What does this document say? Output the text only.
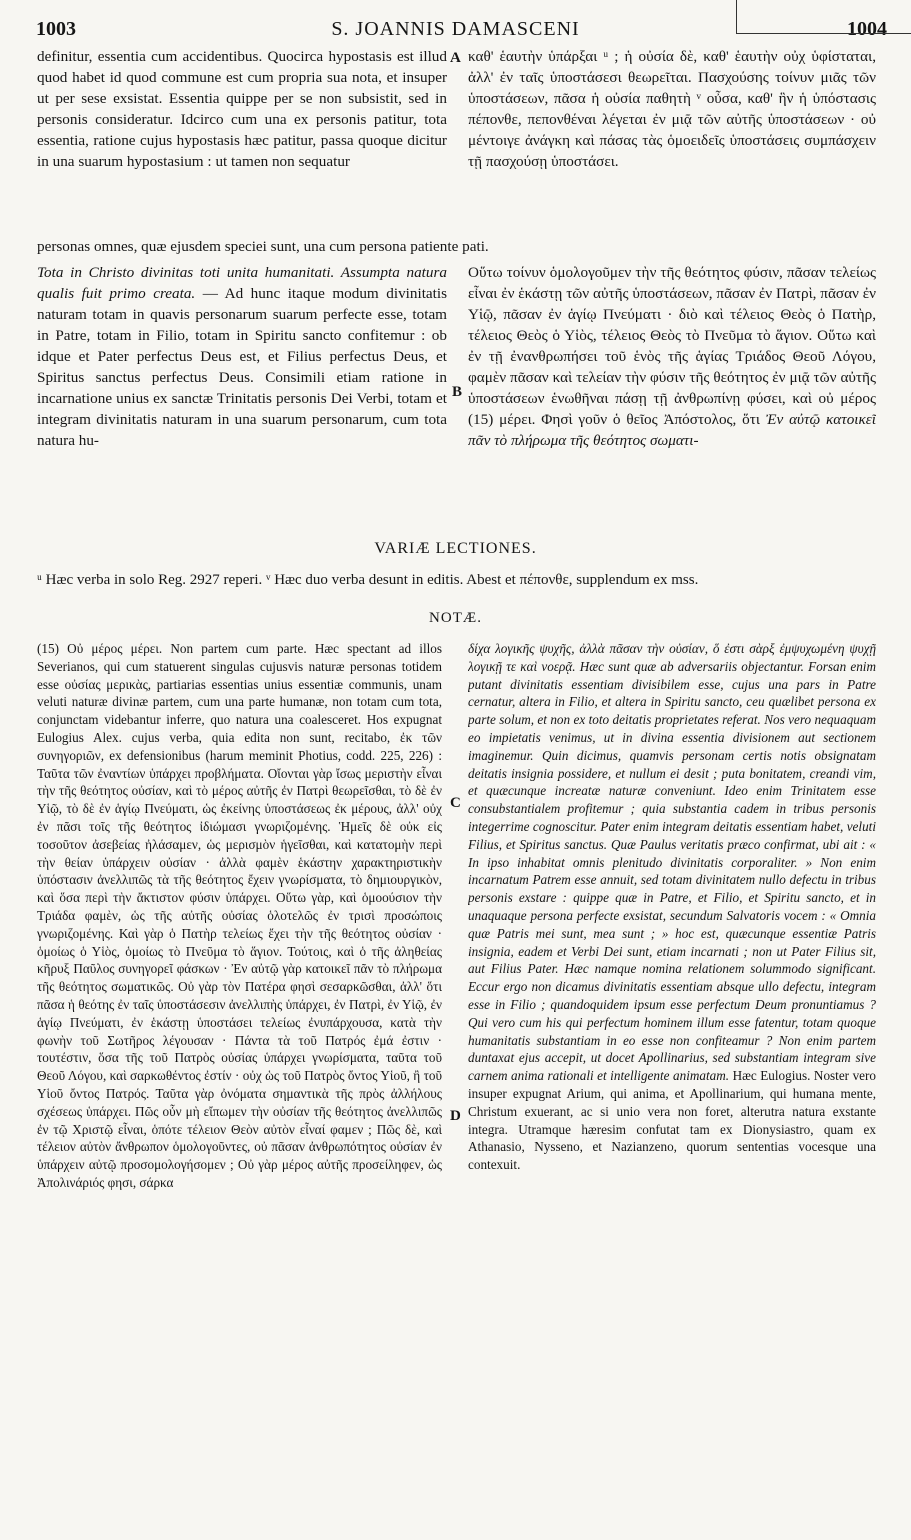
1003	S. JOANNIS DAMASCENI	1004

definitur, essentia cum accidentibus. Quocirca hypostasis est illud quod habet id quod commune est cum propria sua nota, et insuper ut per sese exsistat. Essentia quippe per se non subsistit, sed in personis consideratur. Idcirco cum una ex personis patitur, tota essentia, ratione cujus hypostasis hæc patitur, passa quoque dicitur in una suarum hypostasium : ut tamen non sequatur

A καθ' ἑαυτὴν ὑπάρξαι ᵘ ; ἡ οὐσία δὲ, καθ' ἑαυτὴν οὐχ ὑφίσταται, ἀλλ' ἐν ταῖς ὑποστάσεσι θεωρεῖται. Πασχούσης τοίνυν μιᾶς τῶν ὑποστάσεων, πᾶσα ἡ οὐσία παθητὴ ᵛ οὖσα, καθ' ἣν ἡ ὑπόστασις πέπονθε, πεπονθέναι λέγεται ἐν μιᾷ τῶν αὐτῆς ὑποστάσεων · οὐ μέντοιγε ἀνάγκη καὶ πάσας τὰς ὁμοειδεῖς ὑποστάσεις συμπάσχειν τῇ πασχούσῃ ὑποστάσει.

personas omnes, quæ ejusdem speciei sunt, una cum persona patiente pati.

Tota in Christo divinitas toti unita humanitati. Assumpta natura qualis fuit primo creata. — Ad hunc itaque modum divinitatis naturam totam in quavis personarum suarum perfecte esse, totam in Patre, totam in Filio, totam in Spiritu sancto confitemur : ob idque et Pater perfectus Deus est, et Filius perfectus Deus, et Spiritus sanctus perfectus Deus. Consimili etiam ratione in incarnatione unius ex sanctæ Trinitatis personis Dei Verbi, totam et integram divinitatis naturam in una suarum personarum, cum tota natura hu-

B

Οὕτω τοίνυν ὁμολογοῦμεν τὴν τῆς θεότητος φύσιν, πᾶσαν τελείως εἶναι ἐν ἑκάστῃ τῶν αὐτῆς ὑποστάσεων, πᾶσαν ἐν Πατρὶ, πᾶσαν ἐν Υἱῷ, πᾶσαν ἐν ἁγίῳ Πνεύματι · διὸ καὶ τέλειος Θεὸς ὁ Πατὴρ, τέλειος Θεὸς ὁ Υἱὸς, τέλειος Θεὸς τὸ Πνεῦμα τὸ ἅγιον. Οὕτω καὶ ἐν τῇ ἐνανθρωπήσει τοῦ ἑνὸς τῆς ἁγίας Τριάδος Θεοῦ Λόγου, φαμὲν πᾶσαν καὶ τελείαν τὴν φύσιν τῆς θεότητος ἐν μιᾷ τῶν αὐτῆς ὑποστάσεων ἑνωθῆναι πάσῃ τῇ ἀνθρωπίνῃ φύσει, καὶ οὐ μέρος (15) μέρει. Φησὶ γοῦν ὁ θεῖος Ἀπόστολος, ὅτι Ἐν αὐτῷ κατοικεῖ πᾶν τὸ πλήρωμα τῆς θεότητος σωματι-

VARIÆ LECTIONES.

ᵘ Hæc verba in solo Reg. 2927 reperi. ᵛ Hæc duo verba desunt in editis. Abest et πέπονθε, supplendum ex mss.

NOTÆ.

(15) Οὐ μέρος μέρει. Non partem cum parte. Hæc spectant ad illos Severianos, qui cum statuerent singulas cujusvis naturæ personas totidem esse οὐσίας μερικὰς, partiarias essentias unius essentiæ communis, unam veluti naturæ divinæ partem, cum una parte humanæ, non totam cum tota, conjunctam videbantur inferre, quo natura una coalesceret. Hos expugnat Eulogius Alex. cujus verba, quia edita non sunt, recitabo, ἐκ τῶν συνηγοριῶν, ex defensionibus (harum meminit Photius, codd. 225, 226) : Ταῦτα τῶν ἐναντίων ὑπάρχει προβλήματα. Οἴονται γὰρ ἴσως μεριστὴν εἶναι τὴν τῆς θεότητος οὐσίαν, καὶ τὸ μέρος αὐτῆς ἐν Πατρὶ θεωρεῖσθαι, τὸ δὲ ἐν Υἱῷ, τὸ δὲ ἐν ἁγίῳ Πνεύματι, ὡς ἐκείνης ὑποστάσεως ἐκ μέρους, ἀλλ' οὐχ ἐν πᾶσι τοῖς τῆς θεότητος ἰδιώμασι γνωριζομένης. Ἡμεῖς δὲ οὐκ εἰς τοσοῦτον ἀσεβείας ἠλάσαμεν, ὡς μερισμὸν ἡγεῖσθαι, καὶ κατατομὴν περὶ τὴν θείαν ὑπάρχειν οὐσίαν · ἀλλὰ φαμὲν ἑκάστην χαρακτηριστικὴν ὑπόστασιν ἀνελλιπῶς τὰ τῆς θεότητος ἔχειν γνωρίσματα, τὸ δημιουργικὸν, καὶ ὅσα περὶ τὴν ἄκτιστον φύσιν ὑπάρχει. Οὕτω γὰρ, καὶ ὁμοούσιον τὴν Τριάδα φαμὲν, ὡς τῆς αὐτῆς οὐσίας ὁλοτελῶς ἐν τρισὶ προσώποις γνωριζομένης. Καὶ γὰρ ὁ Πατὴρ τελείως ἔχει τὴν τῆς θεότητος οὐσίαν · ὁμοίως ὁ Υἱὸς, ὁμοίως τὸ Πνεῦμα τὸ ἅγιον. Τούτοις, καὶ ὁ τῆς ἀληθείας κῆρυξ Παῦλος συνηγορεῖ φάσκων · Ἐν αὐτῷ γὰρ κατοικεῖ πᾶν τὸ πλήρωμα τῆς θεότητος σωματικῶς. Οὐ γὰρ τὸν Πατέρα φησὶ σεσαρκῶσθαι, ἀλλ' ὅτι πᾶσα ἡ θεότης ἐν ταῖς ὑποστάσεσιν ἀνελλιπὴς ὑπάρχει, ἐν Πατρὶ, ἐν Υἱῷ, ἐν ἁγίῳ Πνεύματι, ἐν ἑκάστῃ ὑποστάσει τελείως ἐνυπάρχουσα, κατὰ τὴν φωνὴν τοῦ Σωτῆρος λέγουσαν · Πάντα τὰ τοῦ Πατρός ἐμά ἐστιν · τουτέστιν, ὅσα τῆς τοῦ Πατρὸς οὐσίας ὑπάρχει γνωρίσματα, ταῦτα τοῦ Θεοῦ Λόγου, καὶ σαρκωθέντος ἐστίν · οὐχ ὡς τοῦ Πατρὸς ὄντος Υἱοῦ, ἢ τοῦ Υἱοῦ ὄντος Πατρός. Ταῦτα γὰρ ὀνόματα σημαντικὰ τῆς πρὸς ἀλλήλους σχέσεως ὑπάρχει. Πῶς οὖν μὴ εἴπωμεν τὴν οὐσίαν τῆς θεότητος ἀνελλιπῶς ἐν τῷ Χριστῷ εἶναι, ὁπότε τέλειον Θεὸν αὐτὸν εἶναί φαμεν ; Πῶς δὲ, καὶ τέλειον αὐτὸν ἄνθρωπον ὁμολογοῦντες, οὐ πᾶσαν ἀνθρωπότητος οὐσίαν ἐν ὑπάρχειν αὐτῷ προσομολογήσομεν ; Οὐ γὰρ μέρος αὐτῆς προσείληφεν, ὡς Ἀπολινάριός φησι, σάρκα

C
D

δίχα λογικῆς ψυχῆς, ἀλλὰ πᾶσαν τὴν οὐσίαν, ὅ ἐστι σὰρξ ἐμψυχωμένη ψυχῇ λογικῇ τε καὶ νοερᾷ. Hæc sunt quæ ab adversariis objectantur. Forsan enim putant divinitatis essentiam divisibilem esse, cujus una pars in Patre cernatur, altera in Filio, et altera in Spiritu sancto, ceu quælibet persona ex parte solum, et non ex toto deitatis proprietates referat. Nos vero nequaquam eo impietatis venimus, ut in divina essentia divisionem aut sectionem imaginemur. Quin dicimus, quamvis personam certis notis obsignatam deitatis insignia possidere, et nullum ei desit ; puta bonitatem, creandi vim, et quæcunque increatæ naturæ conveniunt. Ideo enim Trinitatem esse consubstantialem profitemur ; quia substantia cadem in tribus personis integerrime cognoscitur. Pater enim integram deitatis essentiam habet, veluti Filius, et Spiritus sanctus. Quæ Paulus veritatis præco confirmat, ubi ait : « In ipso inhabitat omnis plenitudo divinitatis corporaliter. » Non enim incarnatum Patrem esse annuit, sed totam divinitatem nullo defectu in tribus personis exstare : quippe quæ in Patre, et Filio, et Spiritu sancto, et in unaquaque persona perfecte exsistat, secundum Salvatoris vocem : « Omnia quæ Patris mei sunt, mea sunt ; » hoc est, quæcunque essentiæ Patris insignia, eadem et Verbi Dei sunt, etiam incarnati ; non ut Pater Filius sit, aut Filius Pater. Hæc namque nomina relationem solummodo significant. Eccur ergo non dicamus divinitatis essentiam absque ullo defectu, integram esse in Filio ; quandoquidem ipsum esse perfectum Deum pronuntiamus ? Qui vero cum his qui perfectum hominem illum esse fatentur, totam quoque humanitatis substantiam in eo esse non confiteamur ? Non enim partem duntaxat ejus accepit, ut docet Apollinarius, sed substantiam integram sive carnem anima rationali et intelligente animatam. Hæc Eulogius. Noster vero insuper expugnat Arium, qui anima, et Apollinarium, qui humana mente, Christum exuerant, ac si unio vera non foret, alterutra natura exstante integra. Utramque hæresim confutat tam ex Dionysiastro, quam ex Athanasio, Nysseno, et Nazianzeno, quorum sententias vocesque una contexuit.
